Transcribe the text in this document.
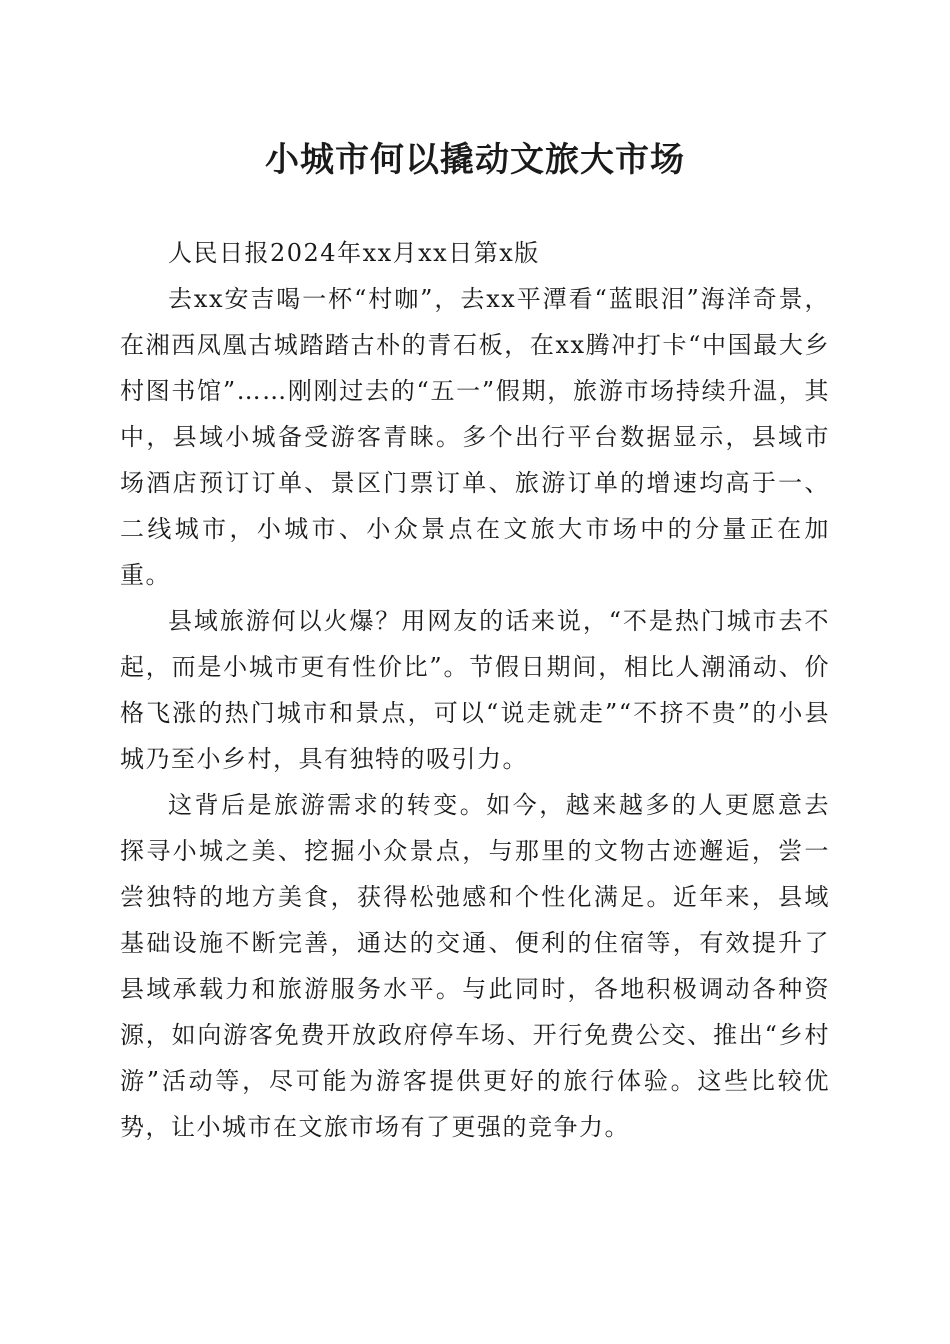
小城市何以撬动文旅大市场

人民日报2024年xx月xx日第x版

去xx安吉喝一杯“村咖”，去xx平潭看“蓝眼泪”海洋奇景，在湘西凤凰古城踏踏古朴的青石板，在xx腾冲打卡“中国最大乡村图书馆”……刚刚过去的“五一”假期，旅游市场持续升温，其中，县域小城备受游客青睐。多个出行平台数据显示，县域市场酒店预订订单、景区门票订单、旅游订单的增速均高于一、二线城市，小城市、小众景点在文旅大市场中的分量正在加重。

县域旅游何以火爆？用网友的话来说，“不是热门城市去不起，而是小城市更有性价比”。节假日期间，相比人潮涌动、价格飞涨的热门城市和景点，可以“说走就走”“不挤不贵”的小县城乃至小乡村，具有独特的吸引力。

这背后是旅游需求的转变。如今，越来越多的人更愿意去探寻小城之美、挖掘小众景点，与那里的文物古迹邂逅，尝一尝独特的地方美食，获得松弛感和个性化满足。近年来，县域基础设施不断完善，通达的交通、便利的住宿等，有效提升了县域承载力和旅游服务水平。与此同时，各地积极调动各种资源，如向游客免费开放政府停车场、开行免费公交、推出“乡村游”活动等，尽可能为游客提供更好的旅行体验。这些比较优势，让小城市在文旅市场有了更强的竞争力。
